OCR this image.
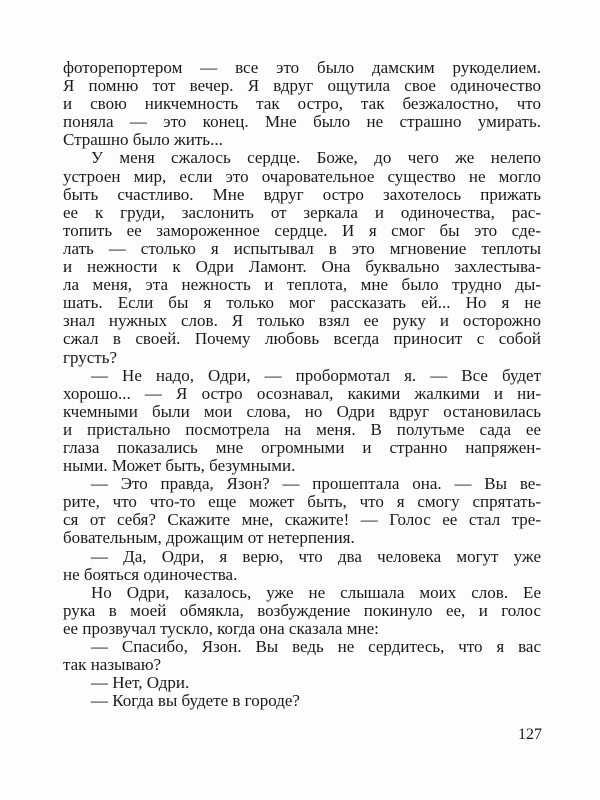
фоторепортером — все это было дамским рукоделием.
Я помню тот вечер. Я вдруг ощутила свое одиночество
и свою никчемность так остро, так безжалостно, что
поняла — это конец. Мне было не страшно умирать.
Страшно было жить...
У меня сжалось сердце. Боже, до чего же нелепо
устроен мир, если это очаровательное существо не могло
быть счастливо. Мне вдруг остро захотелось прижать
ее к груди, заслонить от зеркала и одиночества, рас-
топить ее замороженное сердце. И я смог бы это сде-
лать — столько я испытывал в это мгновение теплоты
и нежности к Одри Ламонт. Она буквально захлестыва-
ла меня, эта нежность и теплота, мне было трудно ды-
шать. Если бы я только мог рассказать ей... Но я не
знал нужных слов. Я только взял ее руку и осторожно
сжал в своей. Почему любовь всегда приносит с собой
грусть?
— Не надо, Одри, — пробормотал я. — Все будет
хорошо... — Я остро осознавал, какими жалкими и ни-
кчемными были мои слова, но Одри вдруг остановилась
и пристально посмотрела на меня. В полутьме сада ее
глаза показались мне огромными и странно напряжен-
ными. Может быть, безумными.
— Это правда, Язон? — прошептала она. — Вы ве-
рите, что что-то еще может быть, что я смогу спрятать-
ся от себя? Скажите мне, скажите! — Голос ее стал тре-
бовательным, дрожащим от нетерпения.
— Да, Одри, я верю, что два человека могут уже
не бояться одиночества.
Но Одри, казалось, уже не слышала моих слов. Ее
рука в моей обмякла, возбуждение покинуло ее, и голос
ее прозвучал тускло, когда она сказала мне:
— Спасибо, Язон. Вы ведь не сердитесь, что я вас
так называю?
— Нет, Одри.
— Когда вы будете в городе?
127
